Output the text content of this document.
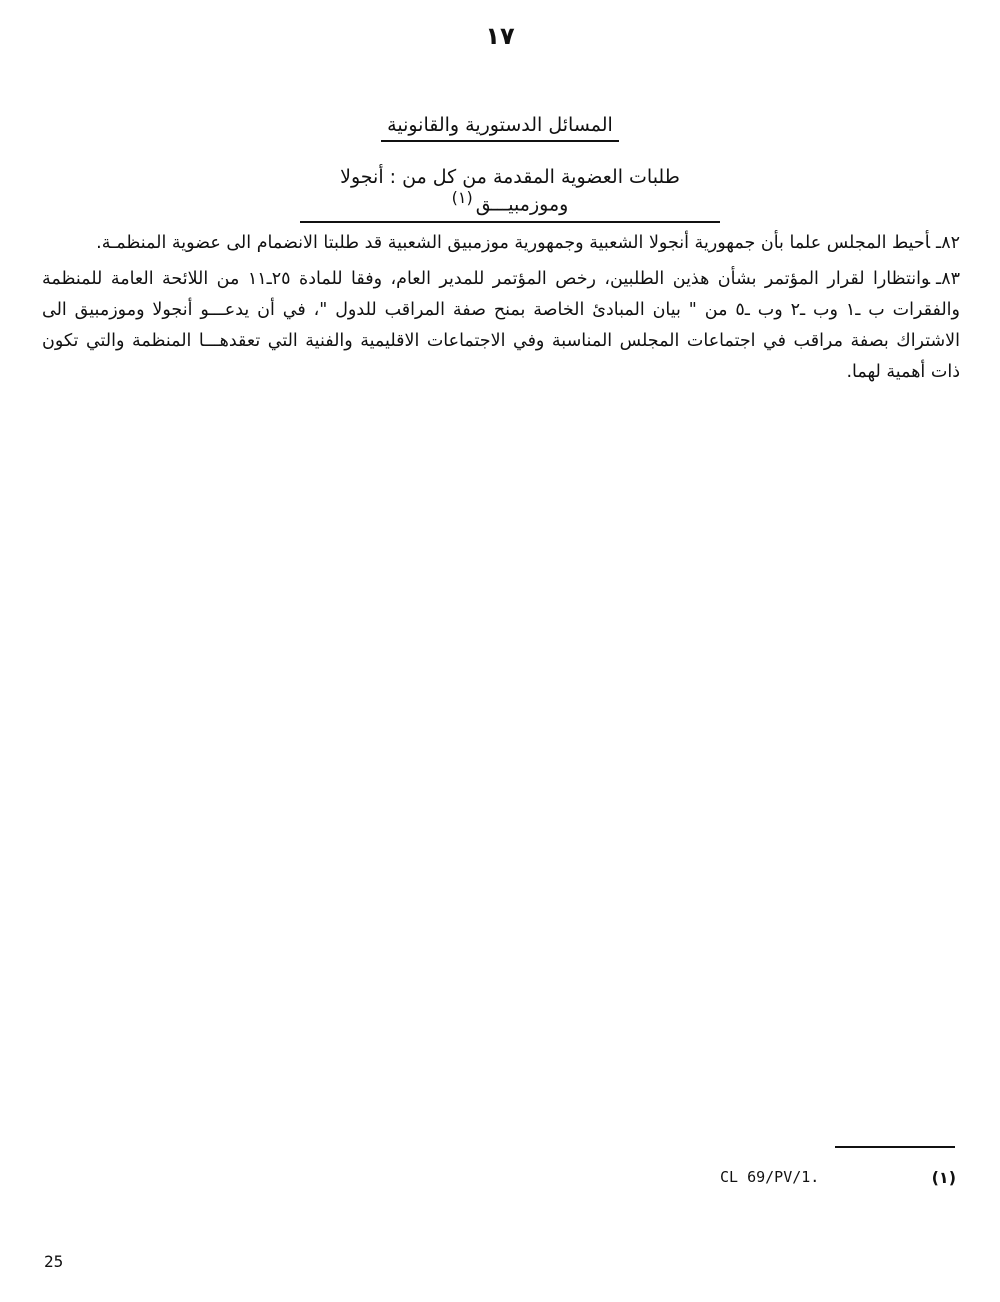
١٧
المسائل الدستورية والقانونية
طلبات العضوية المقدمة من كل من : أنجولا وموزمبيـــق$^{(١)}$

٨٢ـأحيط المجلس علما بأن جمهورية أنجولا الشعبية وجمهورية موزمبيق الشعبية قد طلبتا الانضمام الى عضوية المنظمـة.

٨٣ـوانتظارا لقرار المؤتمر بشأن هذين الطلبين، رخص المؤتمر للمدير العام، وفقا للمادة ٢٥ـ١١ من اللائحة العامة للمنظمة والفقرات ب ـ١ وب ـ٢ وب ـ٥ من " بيان المبادئ الخاصة بمنح صفة المراقب للدول "، في أن يدعـــو أنجولا وموزمبيق الى الاشتراك بصفة مراقب في اجتماعات المجلس المناسبة وفي الاجتماعات الاقليمية والفنية التي تعقدهـــا المنظمة والتي تكون ذات أهمية لهما.

CL 69/PV/1.	(١)
25
